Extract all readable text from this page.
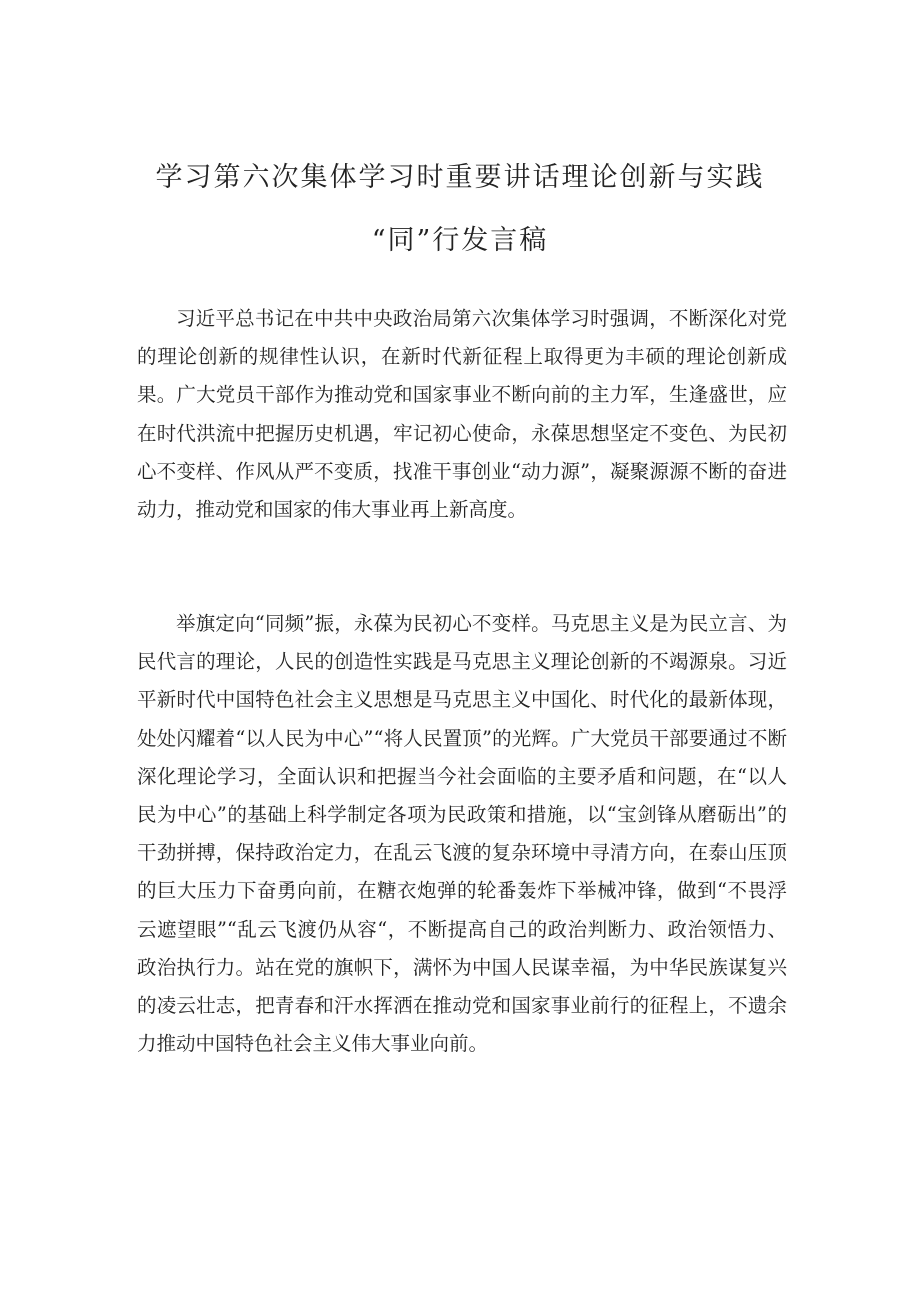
学习第六次集体学习时重要讲话理论创新与实践
“同”行发言稿

习近平总书记在中共中央政治局第六次集体学习时强调，不断深化对党的理论创新的规律性认识，在新时代新征程上取得更为丰硕的理论创新成果。广大党员干部作为推动党和国家事业不断向前的主力军，生逢盛世，应在时代洪流中把握历史机遇，牢记初心使命，永葆思想坚定不变色、为民初心不变样、作风从严不变质，找准干事创业“动力源”，凝聚源源不断的奋进动力，推动党和国家的伟大事业再上新高度。

举旗定向“同频”振，永葆为民初心不变样。马克思主义是为民立言、为民代言的理论，人民的创造性实践是马克思主义理论创新的不竭源泉。习近平新时代中国特色社会主义思想是马克思主义中国化、时代化的最新体现，处处闪耀着“以人民为中心”“将人民置顶”的光辉。广大党员干部要通过不断深化理论学习，全面认识和把握当今社会面临的主要矛盾和问题，在“以人民为中心”的基础上科学制定各项为民政策和措施，以“宝剑锋从磨砺出”的干劲拼搏，保持政治定力，在乱云飞渡的复杂环境中寻清方向，在泰山压顶的巨大压力下奋勇向前，在糖衣炮弹的轮番轰炸下举械冲锋，做到“不畏浮云遮望眼”“乱云飞渡仍从容“，不断提高自己的政治判断力、政治领悟力、政治执行力。站在党的旗帜下，满怀为中国人民谋幸福，为中华民族谋复兴的凌云壮志，把青春和汗水挥洒在推动党和国家事业前行的征程上，不遗余力推动中国特色社会主义伟大事业向前。
